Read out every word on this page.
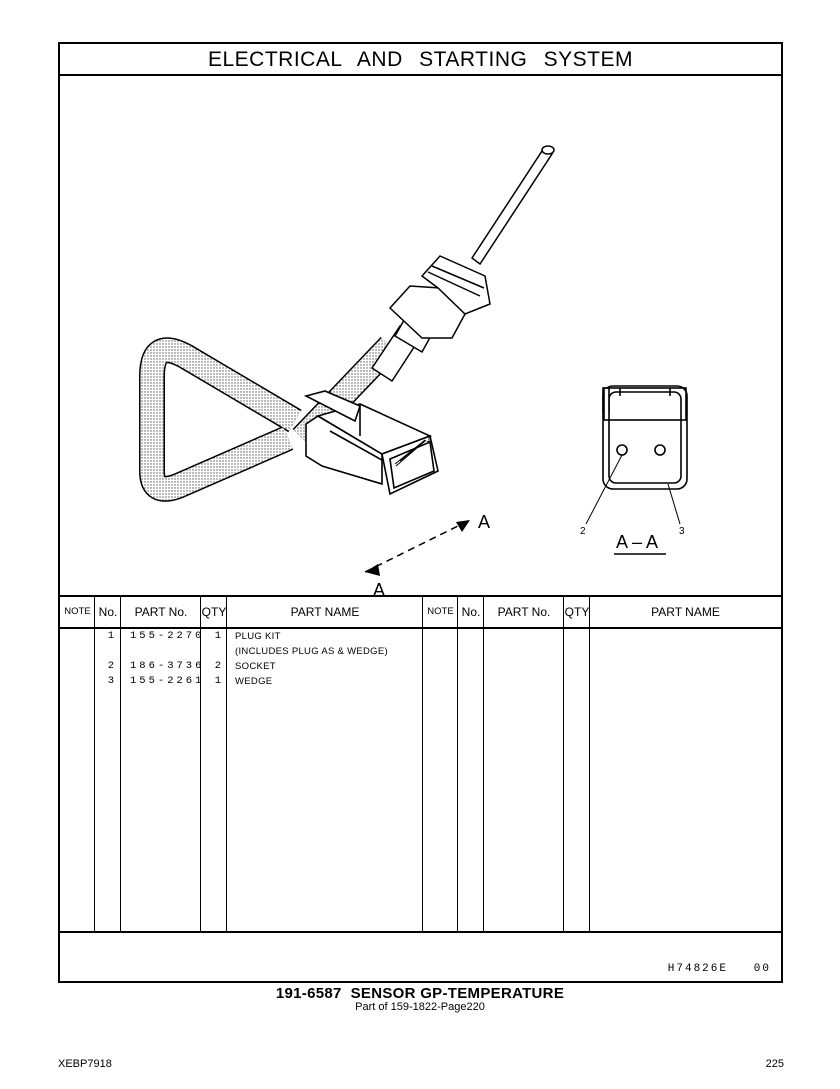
ELECTRICAL AND STARTING SYSTEM
1
A
A
2	3
A – A
NOTE No.	PART No.	QTY	PART NAME	NOTE No.	PART No.	QTY	PART NAME
1 155-2270 1 PLUG KIT
(INCLUDES PLUG AS & WEDGE)
2 186-3736 2 SOCKET
3 155-2261 1 WEDGE
H74826E   00
191-6587  SENSOR GP-TEMPERATURE
Part of 159-1822-Page220
XEBP7918	225
